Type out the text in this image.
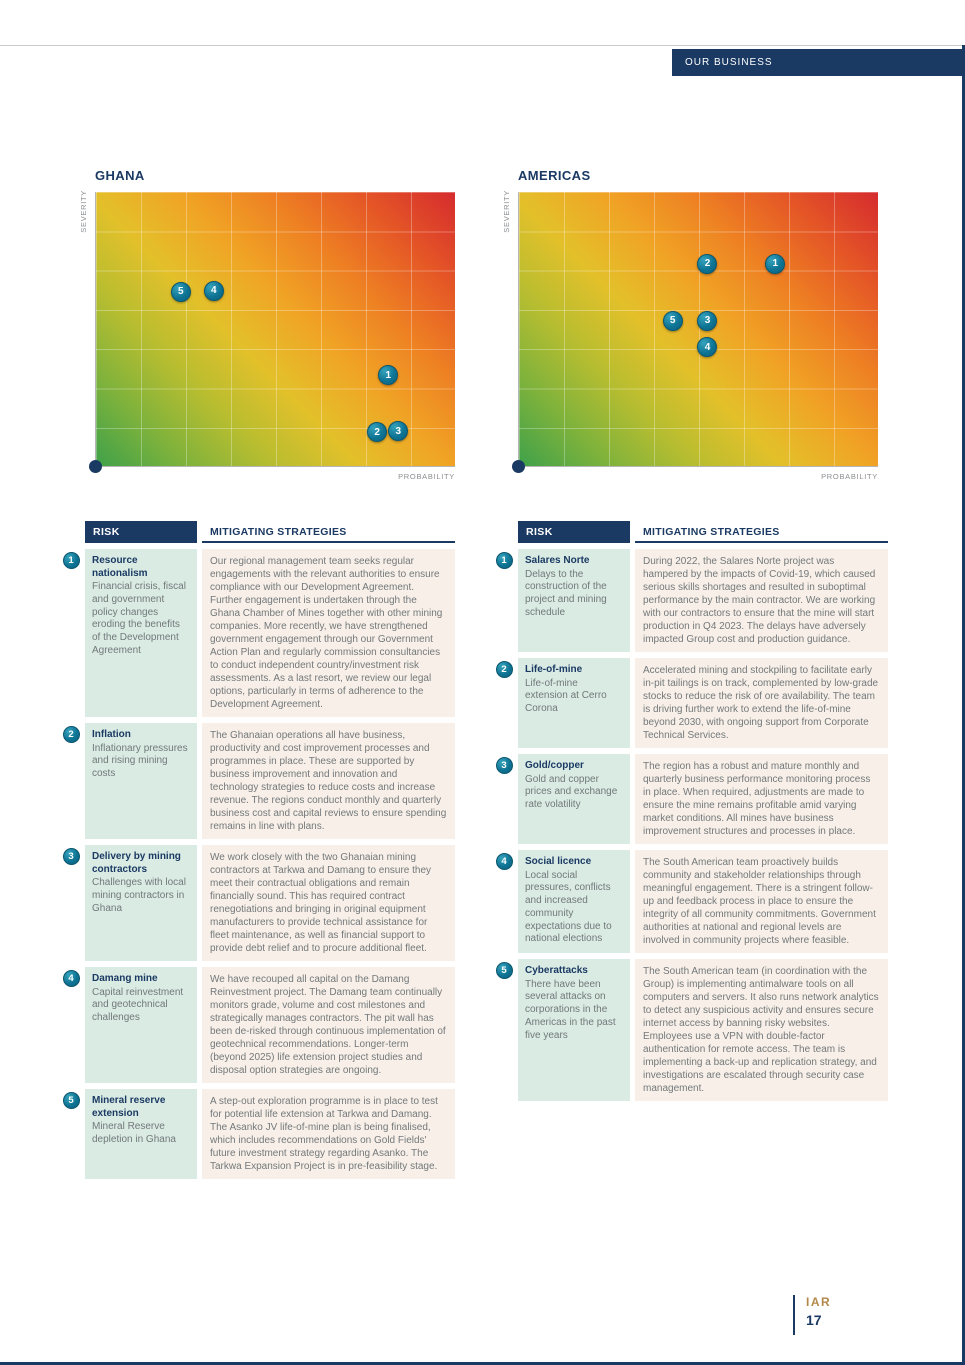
OUR BUSINESS
GHANA
SEVERITY
5	4
1
2	3
PROBABILITY
AMERICAS
SEVERITY
2	1
5	3
4
PROBABILITY
RISK	MITIGATING STRATEGIES
1	Resource nationalism
Financial crisis, fiscal and government policy changes eroding the benefits of the Development Agreement
Our regional management team seeks regular engagements with the relevant authorities to ensure compliance with our Development Agreement. Further engagement is undertaken through the Ghana Chamber of Mines together with other mining companies. More recently, we have strengthened government engagement through our Government Action Plan and regularly commission consultancies to conduct independent country/investment risk assessments. As a last resort, we review our legal options, particularly in terms of adherence to the Development Agreement.
2	Inflation
Inflationary pressures and rising mining costs
The Ghanaian operations all have business, productivity and cost improvement processes and programmes in place. These are supported by business improvement and innovation and technology strategies to reduce costs and increase revenue. The regions conduct monthly and quarterly business cost and capital reviews to ensure spending remains in line with plans.
3	Delivery by mining contractors
Challenges with local mining contractors in Ghana
We work closely with the two Ghanaian mining contractors at Tarkwa and Damang to ensure they meet their contractual obligations and remain financially sound. This has required contract renegotiations and bringing in original equipment manufacturers to provide technical assistance for fleet maintenance, as well as financial support to provide debt relief and to procure additional fleet.
4	Damang mine
Capital reinvestment and geotechnical challenges
We have recouped all capital on the Damang Reinvestment project. The Damang team continually monitors grade, volume and cost milestones and strategically manages contractors. The pit wall has been de-risked through continuous implementation of geotechnical recommendations. Longer-term (beyond 2025) life extension project studies and disposal option strategies are ongoing.
5	Mineral reserve extension
Mineral Reserve depletion in Ghana
A step-out exploration programme is in place to test for potential life extension at Tarkwa and Damang. The Asanko JV life-of-mine plan is being finalised, which includes recommendations on Gold Fields' future investment strategy regarding Asanko. The Tarkwa Expansion Project is in pre-feasibility stage.
RISK	MITIGATING STRATEGIES
1	Salares Norte
Delays to the construction of the project and mining schedule
During 2022, the Salares Norte project was hampered by the impacts of Covid-19, which caused serious skills shortages and resulted in suboptimal performance by the main contractor. We are working with our contractors to ensure that the mine will start production in Q4 2023. The delays have adversely impacted Group cost and production guidance.
2	Life-of-mine
Life-of-mine extension at Cerro Corona
Accelerated mining and stockpiling to facilitate early in-pit tailings is on track, complemented by low-grade stocks to reduce the risk of ore availability. The team is driving further work to extend the life-of-mine beyond 2030, with ongoing support from Corporate Technical Services.
3	Gold/copper
Gold and copper prices and exchange rate volatility
The region has a robust and mature monthly and quarterly business performance monitoring process in place. When required, adjustments are made to ensure the mine remains profitable amid varying market conditions. All mines have business improvement structures and processes in place.
4	Social licence
Local social pressures, conflicts and increased community expectations due to national elections
The South American team proactively builds community and stakeholder relationships through meaningful engagement. There is a stringent follow-up and feedback process in place to ensure the integrity of all community commitments. Government authorities at national and regional levels are involved in community projects where feasible.
5	Cyberattacks
There have been several attacks on corporations in the Americas in the past five years
The South American team (in coordination with the Group) is implementing antimalware tools on all computers and servers. It also runs network analytics to detect any suspicious activity and ensures secure internet access by banning risky websites. Employees use a VPN with double-factor authentication for remote access. The team is implementing a back-up and replication strategy, and investigations are escalated through security case management.
IAR
17
